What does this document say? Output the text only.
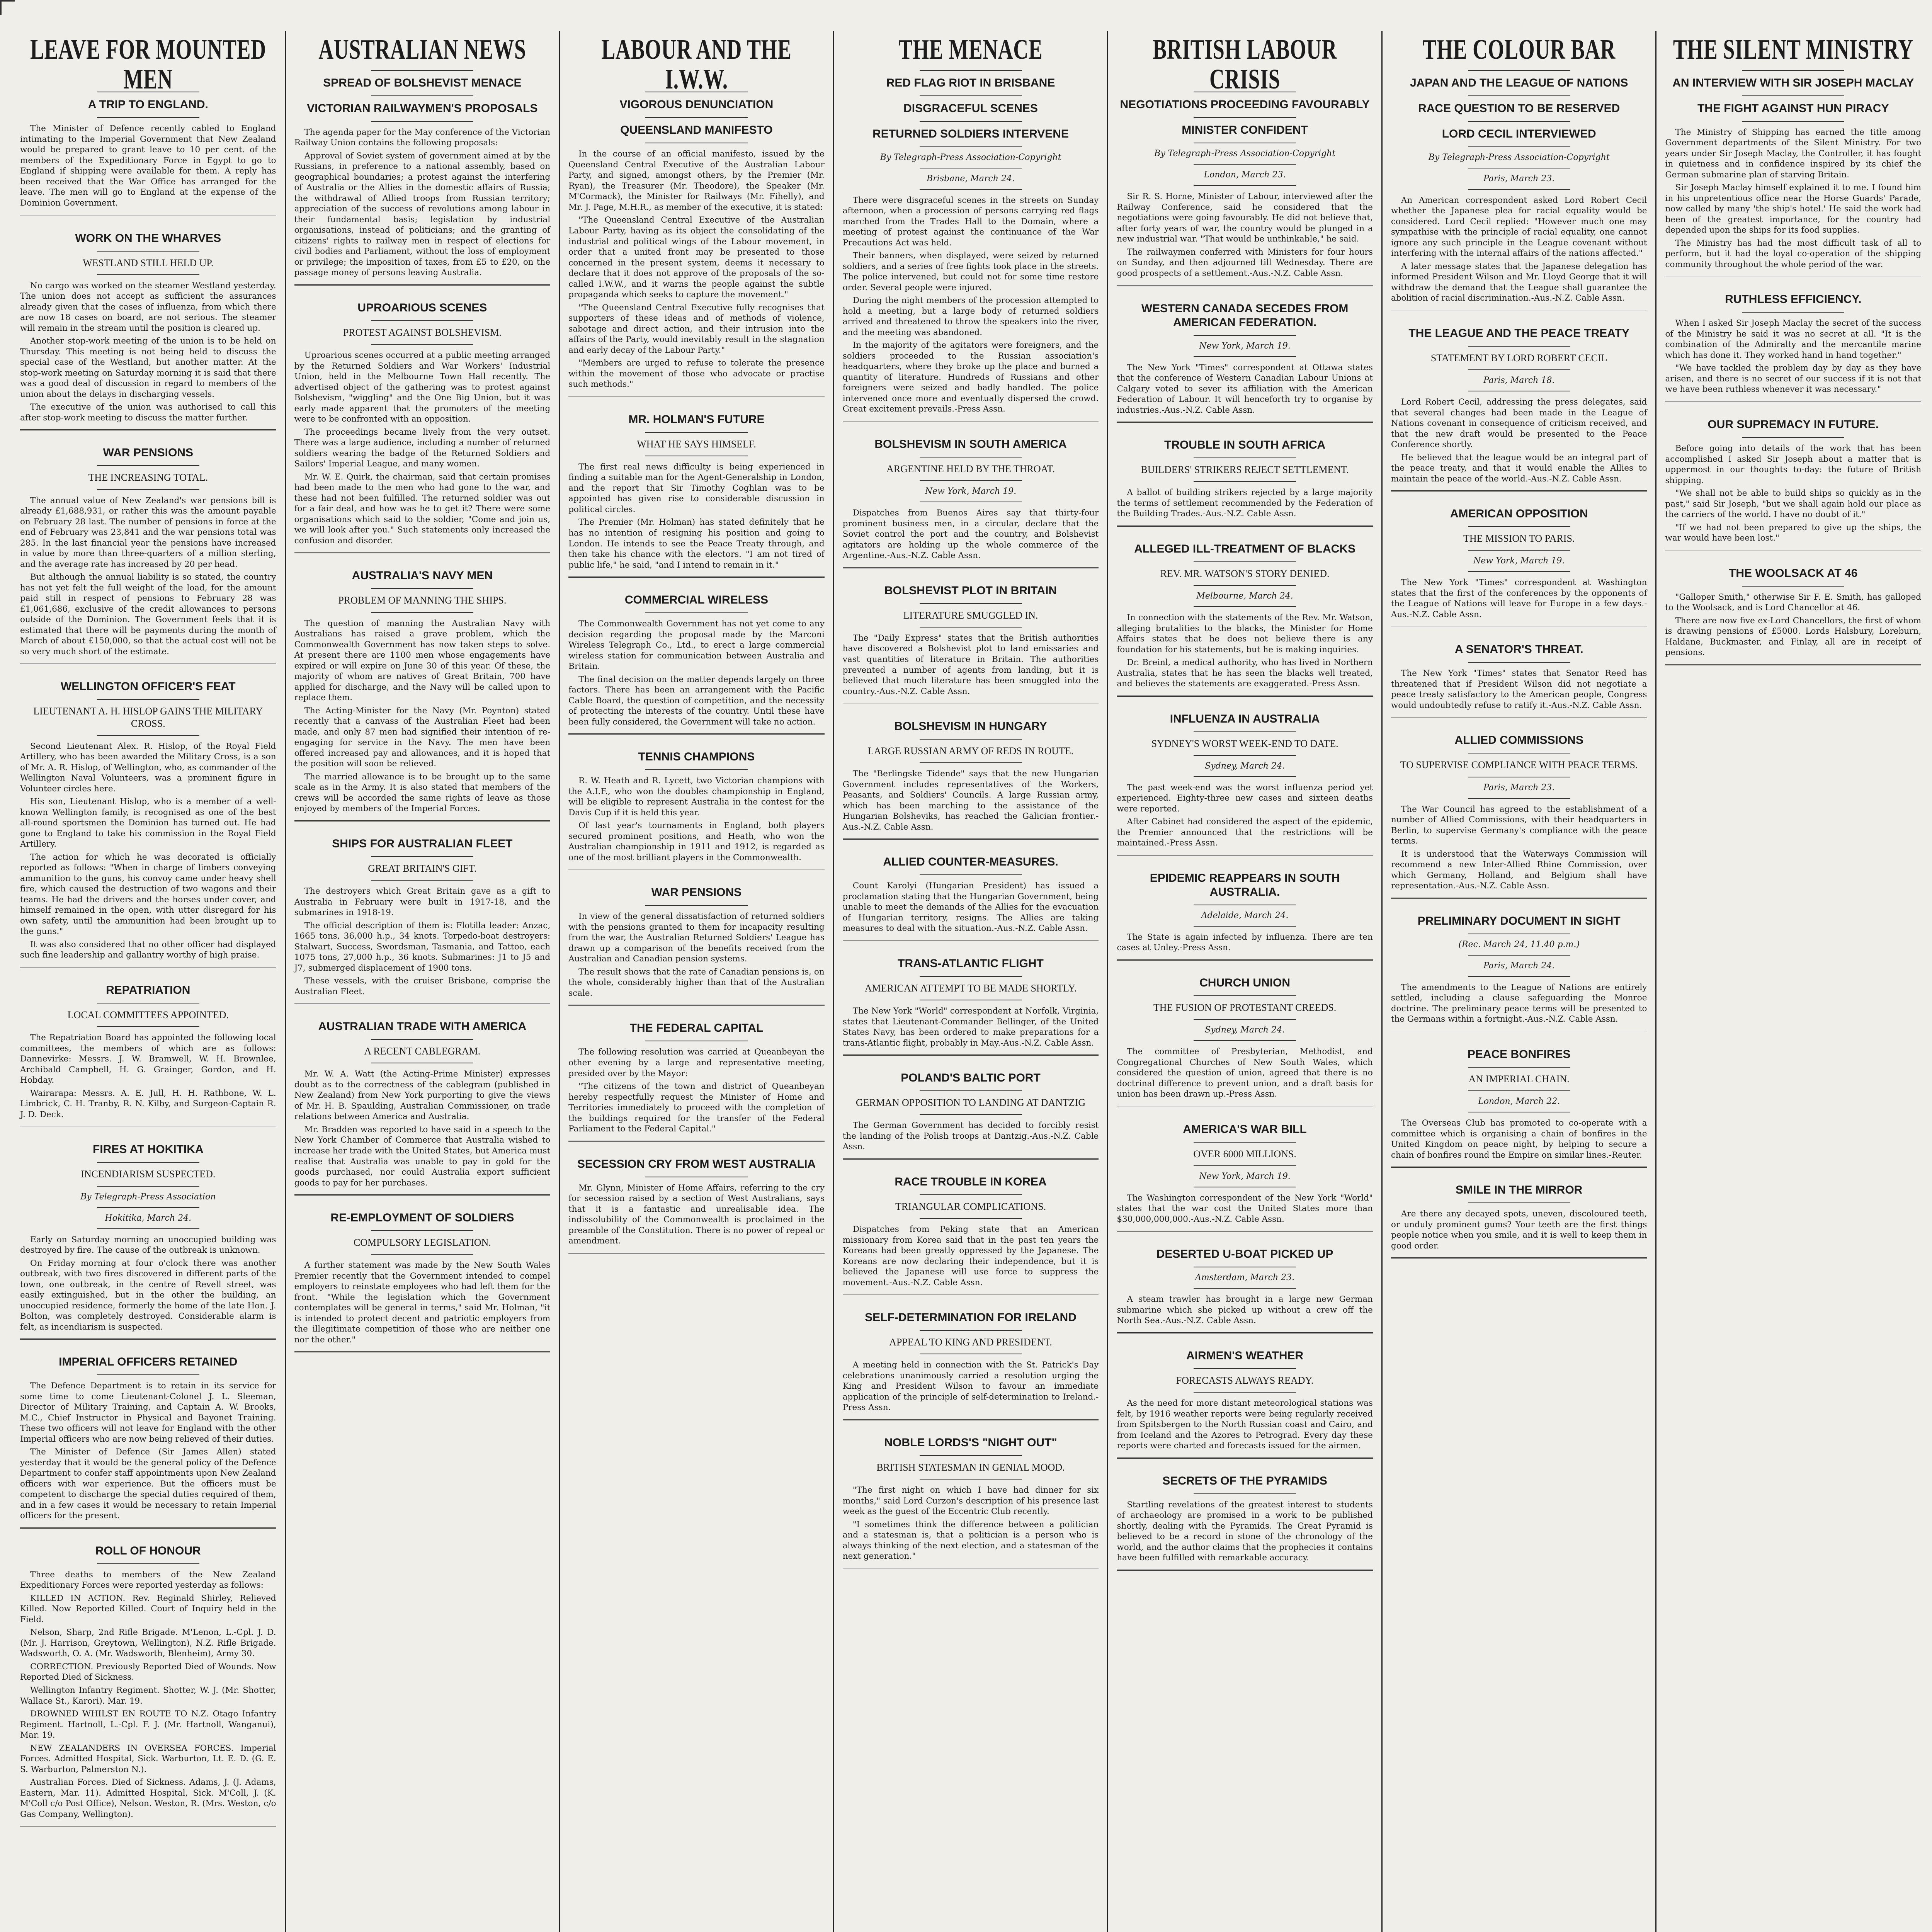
LEAVE FOR MOUNTED MEN
A TRIP TO ENGLAND.

The Minister of Defence recently cabled to England intimating to the Imperial Government that New Zealand would be prepared to grant leave to 10 per cent. of the members of the Expeditionary Force in Egypt to go to England if shipping were available for them. A reply has been received that the War Office has arranged for the leave. The men will go to England at the expense of the Dominion Government.

WORK ON THE WHARVES
WESTLAND STILL HELD UP.

No cargo was worked on the steamer Westland yesterday. The union does not accept as sufficient the assurances already given that the cases of influenza, from which there are now 18 cases on board, are not serious. The steamer will remain in the stream until the position is cleared up.

Another stop-work meeting of the union is to be held on Thursday. This meeting is not being held to discuss the special case of the Westland, but another matter. At the stop-work meeting on Saturday morning it is said that there was a good deal of discussion in regard to members of the union about the delays in discharging vessels.

The executive of the union was authorised to call this after stop-work meeting to discuss the matter further.

WAR PENSIONS
THE INCREASING TOTAL.

The annual value of New Zealand's war pensions bill is already £1,688,931, or rather this was the amount payable on February 28 last. The number of pensions in force at the end of February was 23,841 and the war pensions total was 285. In the last financial year the pensions have increased in value by more than three-quarters of a million sterling, and the average rate has increased by 20 per head.

But although the annual liability is so stated, the country has not yet felt the full weight of the load, for the amount paid still in respect of pensions to February 28 was £1,061,686, exclusive of the credit allowances to persons outside of the Dominion. The Government feels that it is estimated that there will be payments during the month of March of about £150,000, so that the actual cost will not be so very much short of the estimate.

WELLINGTON OFFICER'S FEAT
LIEUTENANT A. H. HISLOP GAINS THE MILITARY CROSS.

Second Lieutenant Alex. R. Hislop, of the Royal Field Artillery, who has been awarded the Military Cross, is a son of Mr. A. R. Hislop, of Wellington, who, as commander of the Wellington Naval Volunteers, was a prominent figure in Volunteer circles here.

His son, Lieutenant Hislop, who is a member of a well-known Wellington family, is recognised as one of the best all-round sportsmen the Dominion has turned out. He had gone to England to take his commission in the Royal Field Artillery.

The action for which he was decorated is officially reported as follows: "When in charge of limbers conveying ammunition to the guns, his convoy came under heavy shell fire, which caused the destruction of two wagons and their teams. He had the drivers and the horses under cover, and himself remained in the open, with utter disregard for his own safety, until the ammunition had been brought up to the guns."

It was also considered that no other officer had displayed such fine leadership and gallantry worthy of high praise.

REPATRIATION
LOCAL COMMITTEES APPOINTED.

The Repatriation Board has appointed the following local committees, the members of which are as follows: Dannevirke: Messrs. J. W. Bramwell, W. H. Brownlee, Archibald Campbell, H. G. Grainger, Gordon, and H. Hobday.

Wairarapa: Messrs. A. E. Jull, H. H. Rathbone, W. L. Limbrick, C. H. Tranby, R. N. Kilby, and Surgeon-Captain R. J. D. Deck.

FIRES AT HOKITIKA
INCENDIARISM SUSPECTED.
By Telegraph-Press Association
Hokitika, March 24.

Early on Saturday morning an unoccupied building was destroyed by fire. The cause of the outbreak is unknown.

On Friday morning at four o'clock there was another outbreak, with two fires discovered in different parts of the town, one outbreak, in the centre of Revell street, was easily extinguished, but in the other the building, an unoccupied residence, formerly the home of the late Hon. J. Bolton, was completely destroyed. Considerable alarm is felt, as incendiarism is suspected.

IMPERIAL OFFICERS RETAINED

The Defence Department is to retain in its service for some time to come Lieutenant-Colonel J. L. Sleeman, Director of Military Training, and Captain A. W. Brooks, M.C., Chief Instructor in Physical and Bayonet Training. These two officers will not leave for England with the other Imperial officers who are now being relieved of their duties.

The Minister of Defence (Sir James Allen) stated yesterday that it would be the general policy of the Defence Department to confer staff appointments upon New Zealand officers with war experience. But the officers must be competent to discharge the special duties required of them, and in a few cases it would be necessary to retain Imperial officers for the present.

ROLL OF HONOUR

Three deaths to members of the New Zealand Expeditionary Forces were reported yesterday as follows:

KILLED IN ACTION. Rev. Reginald Shirley, Relieved Killed. Now Reported Killed. Court of Inquiry held in the Field.

Nelson, Sharp, 2nd Rifle Brigade. M'Lenon, L.-Cpl. J. D. (Mr. J. Harrison, Greytown, Wellington), N.Z. Rifle Brigade. Wadsworth, O. A. (Mr. Wadsworth, Blenheim), Army 30.

CORRECTION. Previously Reported Died of Wounds. Now Reported Died of Sickness.

Wellington Infantry Regiment. Shotter, W. J. (Mr. Shotter, Wallace St., Karori). Mar. 19.

DROWNED WHILST EN ROUTE TO N.Z. Otago Infantry Regiment. Hartnoll, L.-Cpl. F. J. (Mr. Hartnoll, Wanganui), Mar. 19.

NEW ZEALANDERS IN OVERSEA FORCES. Imperial Forces. Admitted Hospital, Sick. Warburton, Lt. E. D. (G. E. S. Warburton, Palmerston N.).

Australian Forces. Died of Sickness. Adams, J. (J. Adams, Eastern, Mar. 11). Admitted Hospital, Sick. M'Coll, J. (K. M'Coll c/o Post Office), Nelson. Weston, R. (Mrs. Weston, c/o Gas Company, Wellington).

AUSTRALIAN NEWS
SPREAD OF BOLSHEVIST MENACE
VICTORIAN RAILWAYMEN'S PROPOSALS

The agenda paper for the May conference of the Victorian Railway Union contains the following proposals:

Approval of Soviet system of government aimed at by the Russians, in preference to a national assembly, based on geographical boundaries; a protest against the interfering of Australia or the Allies in the domestic affairs of Russia; the withdrawal of Allied troops from Russian territory; appreciation of the success of revolutions among labour in their fundamental basis; legislation by industrial organisations, instead of politicians; and the granting of citizens' rights to railway men in respect of elections for civil bodies and Parliament, without the loss of employment or privilege; the imposition of taxes, from £5 to £20, on the passage money of persons leaving Australia.

UPROARIOUS SCENES
PROTEST AGAINST BOLSHEVISM.

Uproarious scenes occurred at a public meeting arranged by the Returned Soldiers and War Workers' Industrial Union, held in the Melbourne Town Hall recently. The advertised object of the gathering was to protest against Bolshevism, "wiggling" and the One Big Union, but it was early made apparent that the promoters of the meeting were to be confronted with an opposition.

The proceedings became lively from the very outset. There was a large audience, including a number of returned soldiers wearing the badge of the Returned Soldiers and Sailors' Imperial League, and many women.

Mr. W. E. Quirk, the chairman, said that certain promises had been made to the men who had gone to the war, and these had not been fulfilled. The returned soldier was out for a fair deal, and how was he to get it? There were some organisations which said to the soldier, "Come and join us, we will look after you." Such statements only increased the confusion and disorder.

AUSTRALIA'S NAVY MEN
PROBLEM OF MANNING THE SHIPS.

The question of manning the Australian Navy with Australians has raised a grave problem, which the Commonwealth Government has now taken steps to solve. At present there are 1100 men whose engagements have expired or will expire on June 30 of this year. Of these, the majority of whom are natives of Great Britain, 700 have applied for discharge, and the Navy will be called upon to replace them.

The Acting-Minister for the Navy (Mr. Poynton) stated recently that a canvass of the Australian Fleet had been made, and only 87 men had signified their intention of re-engaging for service in the Navy. The men have been offered increased pay and allowances, and it is hoped that the position will soon be relieved.

The married allowance is to be brought up to the same scale as in the Army. It is also stated that members of the crews will be accorded the same rights of leave as those enjoyed by members of the Imperial Forces.

SHIPS FOR AUSTRALIAN FLEET
GREAT BRITAIN'S GIFT.

The destroyers which Great Britain gave as a gift to Australia in February were built in 1917-18, and the submarines in 1918-19.

The official description of them is: Flotilla leader: Anzac, 1665 tons, 36,000 h.p., 34 knots. Torpedo-boat destroyers: Stalwart, Success, Swordsman, Tasmania, and Tattoo, each 1075 tons, 27,000 h.p., 36 knots. Submarines: J1 to J5 and J7, submerged displacement of 1900 tons.

These vessels, with the cruiser Brisbane, comprise the Australian Fleet.

AUSTRALIAN TRADE WITH AMERICA
A RECENT CABLEGRAM.

Mr. W. A. Watt (the Acting-Prime Minister) expresses doubt as to the correctness of the cablegram (published in New Zealand) from New York purporting to give the views of Mr. H. B. Spaulding, Australian Commissioner, on trade relations between America and Australia.

Mr. Bradden was reported to have said in a speech to the New York Chamber of Commerce that Australia wished to increase her trade with the United States, but America must realise that Australia was unable to pay in gold for the goods purchased, nor could Australia export sufficient goods to pay for her purchases.

RE-EMPLOYMENT OF SOLDIERS
COMPULSORY LEGISLATION.

A further statement was made by the New South Wales Premier recently that the Government intended to compel employers to reinstate employees who had left them for the front. "While the legislation which the Government contemplates will be general in terms," said Mr. Holman, "it is intended to protect decent and patriotic employers from the illegitimate competition of those who are neither one nor the other."

LABOUR AND THE I.W.W.
VIGOROUS DENUNCIATION
QUEENSLAND MANIFESTO

In the course of an official manifesto, issued by the Queensland Central Executive of the Australian Labour Party, and signed, amongst others, by the Premier (Mr. Ryan), the Treasurer (Mr. Theodore), the Speaker (Mr. M'Cormack), the Minister for Railways (Mr. Fihelly), and Mr. J. Page, M.H.R., as member of the executive, it is stated:

"The Queensland Central Executive of the Australian Labour Party, having as its object the consolidating of the industrial and political wings of the Labour movement, in order that a united front may be presented to those concerned in the present system, deems it necessary to declare that it does not approve of the proposals of the so-called I.W.W., and it warns the people against the subtle propaganda which seeks to capture the movement."

"The Queensland Central Executive fully recognises that supporters of these ideas and of methods of violence, sabotage and direct action, and their intrusion into the affairs of the Party, would inevitably result in the stagnation and early decay of the Labour Party."

"Members are urged to refuse to tolerate the presence within the movement of those who advocate or practise such methods."

MR. HOLMAN'S FUTURE
WHAT HE SAYS HIMSELF.

The first real news difficulty is being experienced in finding a suitable man for the Agent-Generalship in London, and the report that Sir Timothy Coghlan was to be appointed has given rise to considerable discussion in political circles.

The Premier (Mr. Holman) has stated definitely that he has no intention of resigning his position and going to London. He intends to see the Peace Treaty through, and then take his chance with the electors. "I am not tired of public life," he said, "and I intend to remain in it."

COMMERCIAL WIRELESS

The Commonwealth Government has not yet come to any decision regarding the proposal made by the Marconi Wireless Telegraph Co., Ltd., to erect a large commercial wireless station for communication between Australia and Britain.

The final decision on the matter depends largely on three factors. There has been an arrangement with the Pacific Cable Board, the question of competition, and the necessity of protecting the interests of the country. Until these have been fully considered, the Government will take no action.

TENNIS CHAMPIONS

R. W. Heath and R. Lycett, two Victorian champions with the A.I.F., who won the doubles championship in England, will be eligible to represent Australia in the contest for the Davis Cup if it is held this year.

Of last year's tournaments in England, both players secured prominent positions, and Heath, who won the Australian championship in 1911 and 1912, is regarded as one of the most brilliant players in the Commonwealth.

WAR PENSIONS

In view of the general dissatisfaction of returned soldiers with the pensions granted to them for incapacity resulting from the war, the Australian Returned Soldiers' League has drawn up a comparison of the benefits received from the Australian and Canadian pension systems.

The result shows that the rate of Canadian pensions is, on the whole, considerably higher than that of the Australian scale.

THE FEDERAL CAPITAL

The following resolution was carried at Queanbeyan the other evening by a large and representative meeting, presided over by the Mayor:

"The citizens of the town and district of Queanbeyan hereby respectfully request the Minister of Home and Territories immediately to proceed with the completion of the buildings required for the transfer of the Federal Parliament to the Federal Capital."

SECESSION CRY FROM WEST AUSTRALIA

Mr. Glynn, Minister of Home Affairs, referring to the cry for secession raised by a section of West Australians, says that it is a fantastic and unrealisable idea. The indissolubility of the Commonwealth is proclaimed in the preamble of the Constitution. There is no power of repeal or amendment.

THE MENACE
RED FLAG RIOT IN BRISBANE
DISGRACEFUL SCENES
RETURNED SOLDIERS INTERVENE
By Telegraph-Press Association-Copyright
Brisbane, March 24.

There were disgraceful scenes in the streets on Sunday afternoon, when a procession of persons carrying red flags marched from the Trades Hall to the Domain, where a meeting of protest against the continuance of the War Precautions Act was held.

Their banners, when displayed, were seized by returned soldiers, and a series of free fights took place in the streets. The police intervened, but could not for some time restore order. Several people were injured.

During the night members of the procession attempted to hold a meeting, but a large body of returned soldiers arrived and threatened to throw the speakers into the river, and the meeting was abandoned.

In the majority of the agitators were foreigners, and the soldiers proceeded to the Russian association's headquarters, where they broke up the place and burned a quantity of literature. Hundreds of Russians and other foreigners were seized and badly handled. The police intervened once more and eventually dispersed the crowd. Great excitement prevails.-Press Assn.

BOLSHEVISM IN SOUTH AMERICA
ARGENTINE HELD BY THE THROAT.
New York, March 19.

Dispatches from Buenos Aires say that thirty-four prominent business men, in a circular, declare that the Soviet control the port and the country, and Bolshevist agitators are holding up the whole commerce of the Argentine.-Aus.-N.Z. Cable Assn.

BOLSHEVIST PLOT IN BRITAIN
LITERATURE SMUGGLED IN.

The "Daily Express" states that the British authorities have discovered a Bolshevist plot to land emissaries and vast quantities of literature in Britain. The authorities prevented a number of agents from landing, but it is believed that much literature has been smuggled into the country.-Aus.-N.Z. Cable Assn.

BOLSHEVISM IN HUNGARY
LARGE RUSSIAN ARMY OF REDS IN ROUTE.

The "Berlingske Tidende" says that the new Hungarian Government includes representatives of the Workers, Peasants, and Soldiers' Councils. A large Russian army, which has been marching to the assistance of the Hungarian Bolsheviks, has reached the Galician frontier.-Aus.-N.Z. Cable Assn.

ALLIED COUNTER-MEASURES.

Count Karolyi (Hungarian President) has issued a proclamation stating that the Hungarian Government, being unable to meet the demands of the Allies for the evacuation of Hungarian territory, resigns. The Allies are taking measures to deal with the situation.-Aus.-N.Z. Cable Assn.

TRANS-ATLANTIC FLIGHT
AMERICAN ATTEMPT TO BE MADE SHORTLY.

The New York "World" correspondent at Norfolk, Virginia, states that Lieutenant-Commander Bellinger, of the United States Navy, has been ordered to make preparations for a trans-Atlantic flight, probably in May.-Aus.-N.Z. Cable Assn.

POLAND'S BALTIC PORT
GERMAN OPPOSITION TO LANDING AT DANTZIG

The German Government has decided to forcibly resist the landing of the Polish troops at Dantzig.-Aus.-N.Z. Cable Assn.

RACE TROUBLE IN KOREA
TRIANGULAR COMPLICATIONS.

Dispatches from Peking state that an American missionary from Korea said that in the past ten years the Koreans had been greatly oppressed by the Japanese. The Koreans are now declaring their independence, but it is believed the Japanese will use force to suppress the movement.-Aus.-N.Z. Cable Assn.

SELF-DETERMINATION FOR IRELAND
APPEAL TO KING AND PRESIDENT.

A meeting held in connection with the St. Patrick's Day celebrations unanimously carried a resolution urging the King and President Wilson to favour an immediate application of the principle of self-determination to Ireland.-Press Assn.

NOBLE LORDS'S "NIGHT OUT"
BRITISH STATESMAN IN GENIAL MOOD.

"The first night on which I have had dinner for six months," said Lord Curzon's description of his presence last week as the guest of the Eccentric Club recently.

"I sometimes think the difference between a politician and a statesman is, that a politician is a person who is always thinking of the next election, and a statesman of the next generation."

BRITISH LABOUR CRISIS
NEGOTIATIONS PROCEEDING FAVOURABLY
MINISTER CONFIDENT
By Telegraph-Press Association-Copyright
London, March 23.

Sir R. S. Horne, Minister of Labour, interviewed after the Railway Conference, said he considered that the negotiations were going favourably. He did not believe that, after forty years of war, the country would be plunged in a new industrial war. "That would be unthinkable," he said.

The railwaymen conferred with Ministers for four hours on Sunday, and then adjourned till Wednesday. There are good prospects of a settlement.-Aus.-N.Z. Cable Assn.

WESTERN CANADA SECEDES FROM AMERICAN FEDERATION.
New York, March 19.

The New York "Times" correspondent at Ottawa states that the conference of Western Canadian Labour Unions at Calgary voted to sever its affiliation with the American Federation of Labour. It will henceforth try to organise by industries.-Aus.-N.Z. Cable Assn.

TROUBLE IN SOUTH AFRICA
BUILDERS' STRIKERS REJECT SETTLEMENT.

A ballot of building strikers rejected by a large majority the terms of settlement recommended by the Federation of the Building Trades.-Aus.-N.Z. Cable Assn.

ALLEGED ILL-TREATMENT OF BLACKS
REV. MR. WATSON'S STORY DENIED.
Melbourne, March 24.

In connection with the statements of the Rev. Mr. Watson, alleging brutalities to the blacks, the Minister for Home Affairs states that he does not believe there is any foundation for his statements, but he is making inquiries.

Dr. Breinl, a medical authority, who has lived in Northern Australia, states that he has seen the blacks well treated, and believes the statements are exaggerated.-Press Assn.

INFLUENZA IN AUSTRALIA
SYDNEY'S WORST WEEK-END TO DATE.
Sydney, March 24.

The past week-end was the worst influenza period yet experienced. Eighty-three new cases and sixteen deaths were reported.

After Cabinet had considered the aspect of the epidemic, the Premier announced that the restrictions will be maintained.-Press Assn.

EPIDEMIC REAPPEARS IN SOUTH AUSTRALIA.
Adelaide, March 24.

The State is again infected by influenza. There are ten cases at Unley.-Press Assn.

CHURCH UNION
THE FUSION OF PROTESTANT CREEDS.
Sydney, March 24.

The committee of Presbyterian, Methodist, and Congregational Churches of New South Wales, which considered the question of union, agreed that there is no doctrinal difference to prevent union, and a draft basis for union has been drawn up.-Press Assn.

AMERICA'S WAR BILL
OVER 6000 MILLIONS.
New York, March 19.

The Washington correspondent of the New York "World" states that the war cost the United States more than $30,000,000,000.-Aus.-N.Z. Cable Assn.

DESERTED U-BOAT PICKED UP
Amsterdam, March 23.

A steam trawler has brought in a large new German submarine which she picked up without a crew off the North Sea.-Aus.-N.Z. Cable Assn.

AIRMEN'S WEATHER
FORECASTS ALWAYS READY.

As the need for more distant meteorological stations was felt, by 1916 weather reports were being regularly received from Spitsbergen to the North Russian coast and Cairo, and from Iceland and the Azores to Petrograd. Every day these reports were charted and forecasts issued for the airmen.

SECRETS OF THE PYRAMIDS

Startling revelations of the greatest interest to students of archaeology are promised in a work to be published shortly, dealing with the Pyramids. The Great Pyramid is believed to be a record in stone of the chronology of the world, and the author claims that the prophecies it contains have been fulfilled with remarkable accuracy.

THE COLOUR BAR
JAPAN AND THE LEAGUE OF NATIONS
RACE QUESTION TO BE RESERVED
LORD CECIL INTERVIEWED
By Telegraph-Press Association-Copyright
Paris, March 23.

An American correspondent asked Lord Robert Cecil whether the Japanese plea for racial equality would be considered. Lord Cecil replied: "However much one may sympathise with the principle of racial equality, one cannot ignore any such principle in the League covenant without interfering with the internal affairs of the nations affected."

A later message states that the Japanese delegation has informed President Wilson and Mr. Lloyd George that it will withdraw the demand that the League shall guarantee the abolition of racial discrimination.-Aus.-N.Z. Cable Assn.

THE LEAGUE AND THE PEACE TREATY
STATEMENT BY LORD ROBERT CECIL
Paris, March 18.

Lord Robert Cecil, addressing the press delegates, said that several changes had been made in the League of Nations covenant in consequence of criticism received, and that the new draft would be presented to the Peace Conference shortly.

He believed that the league would be an integral part of the peace treaty, and that it would enable the Allies to maintain the peace of the world.-Aus.-N.Z. Cable Assn.

AMERICAN OPPOSITION
THE MISSION TO PARIS.
New York, March 19.

The New York "Times" correspondent at Washington states that the first of the conferences by the opponents of the League of Nations will leave for Europe in a few days.-Aus.-N.Z. Cable Assn.

A SENATOR'S THREAT.

The New York "Times" states that Senator Reed has threatened that if President Wilson did not negotiate a peace treaty satisfactory to the American people, Congress would undoubtedly refuse to ratify it.-Aus.-N.Z. Cable Assn.

ALLIED COMMISSIONS
TO SUPERVISE COMPLIANCE WITH PEACE TERMS.
Paris, March 23.

The War Council has agreed to the establishment of a number of Allied Commissions, with their headquarters in Berlin, to supervise Germany's compliance with the peace terms.

It is understood that the Waterways Commission will recommend a new Inter-Allied Rhine Commission, over which Germany, Holland, and Belgium shall have representation.-Aus.-N.Z. Cable Assn.

PRELIMINARY DOCUMENT IN SIGHT
(Rec. March 24, 11.40 p.m.)
Paris, March 24.

The amendments to the League of Nations are entirely settled, including a clause safeguarding the Monroe doctrine. The preliminary peace terms will be presented to the Germans within a fortnight.-Aus.-N.Z. Cable Assn.

PEACE BONFIRES
AN IMPERIAL CHAIN.
London, March 22.

The Overseas Club has promoted to co-operate with a committee which is organising a chain of bonfires in the United Kingdom on peace night, by helping to secure a chain of bonfires round the Empire on similar lines.-Reuter.

SMILE IN THE MIRROR

Are there any decayed spots, uneven, discoloured teeth, or unduly prominent gums? Your teeth are the first things people notice when you smile, and it is well to keep them in good order.

THE SILENT MINISTRY
AN INTERVIEW WITH SIR JOSEPH MACLAY
THE FIGHT AGAINST HUN PIRACY

The Ministry of Shipping has earned the title among Government departments of the Silent Ministry. For two years under Sir Joseph Maclay, the Controller, it has fought in quietness and in confidence inspired by its chief the German submarine plan of starving Britain.

Sir Joseph Maclay himself explained it to me. I found him in his unpretentious office near the Horse Guards' Parade, now called by many 'the ship's hotel.' He said the work had been of the greatest importance, for the country had depended upon the ships for its food supplies.

The Ministry has had the most difficult task of all to perform, but it had the loyal co-operation of the shipping community throughout the whole period of the war.

RUTHLESS EFFICIENCY.

When I asked Sir Joseph Maclay the secret of the success of the Ministry he said it was no secret at all. "It is the combination of the Admiralty and the mercantile marine which has done it. They worked hand in hand together."

"We have tackled the problem day by day as they have arisen, and there is no secret of our success if it is not that we have been ruthless whenever it was necessary."

OUR SUPREMACY IN FUTURE.

Before going into details of the work that has been accomplished I asked Sir Joseph about a matter that is uppermost in our thoughts to-day: the future of British shipping.

"We shall not be able to build ships so quickly as in the past," said Sir Joseph, "but we shall again hold our place as the carriers of the world. I have no doubt of it."

"If we had not been prepared to give up the ships, the war would have been lost."

THE WOOLSACK AT 46

"Galloper Smith," otherwise Sir F. E. Smith, has galloped to the Woolsack, and is Lord Chancellor at 46.

There are now five ex-Lord Chancellors, the first of whom is drawing pensions of £5000. Lords Halsbury, Loreburn, Haldane, Buckmaster, and Finlay, all are in receipt of pensions.
